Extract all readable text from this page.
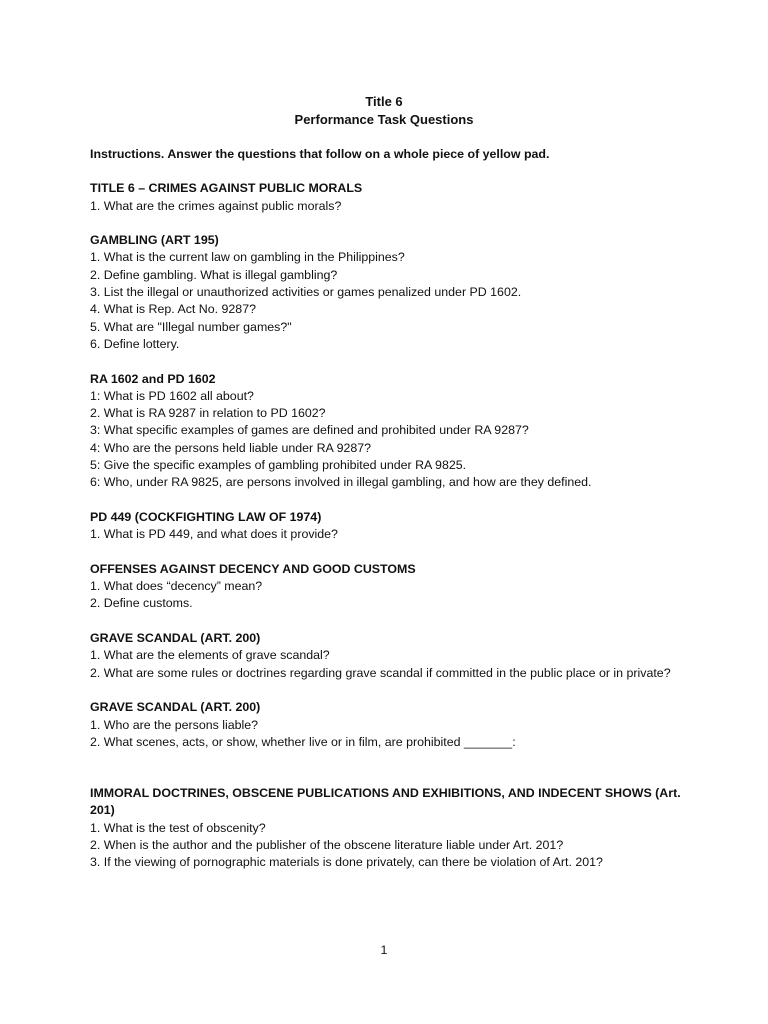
Title 6
Performance Task Questions
Instructions. Answer the questions that follow on a whole piece of yellow pad.
TITLE 6 – CRIMES AGAINST PUBLIC MORALS
1. What are the crimes against public morals?
GAMBLING (ART 195)
1. What is the current law on gambling in the Philippines?
2. Define gambling. What is illegal gambling?
3. List the illegal or unauthorized activities or games penalized under PD 1602.
4. What is Rep. Act No. 9287?
5. What are "Illegal number games?"
6. Define lottery.
RA 1602 and PD 1602
1: What is PD 1602 all about?
2. What is RA 9287 in relation to PD 1602?
3: What specific examples of games are defined and prohibited under RA 9287?
4: Who are the persons held liable under RA 9287?
5: Give the specific examples of gambling prohibited under RA 9825.
6: Who, under RA 9825, are persons involved in illegal gambling, and how are they defined.
PD 449 (COCKFIGHTING LAW OF 1974)
1. What is PD 449, and what does it provide?
OFFENSES AGAINST DECENCY AND GOOD CUSTOMS
1. What does “decency” mean?
2. Define customs.
GRAVE SCANDAL (ART. 200)
1. What are the elements of grave scandal?
2. What are some rules or doctrines regarding grave scandal if committed in the public place or in private?
GRAVE SCANDAL (ART. 200)
1. Who are the persons liable?
2. What scenes, acts, or show, whether live or in film, are prohibited _______:
IMMORAL DOCTRINES, OBSCENE PUBLICATIONS AND EXHIBITIONS, AND INDECENT SHOWS (Art. 201)
1. What is the test of obscenity?
2. When is the author and the publisher of the obscene literature liable under Art. 201?
3. If the viewing of pornographic materials is done privately, can there be violation of Art. 201?
1
